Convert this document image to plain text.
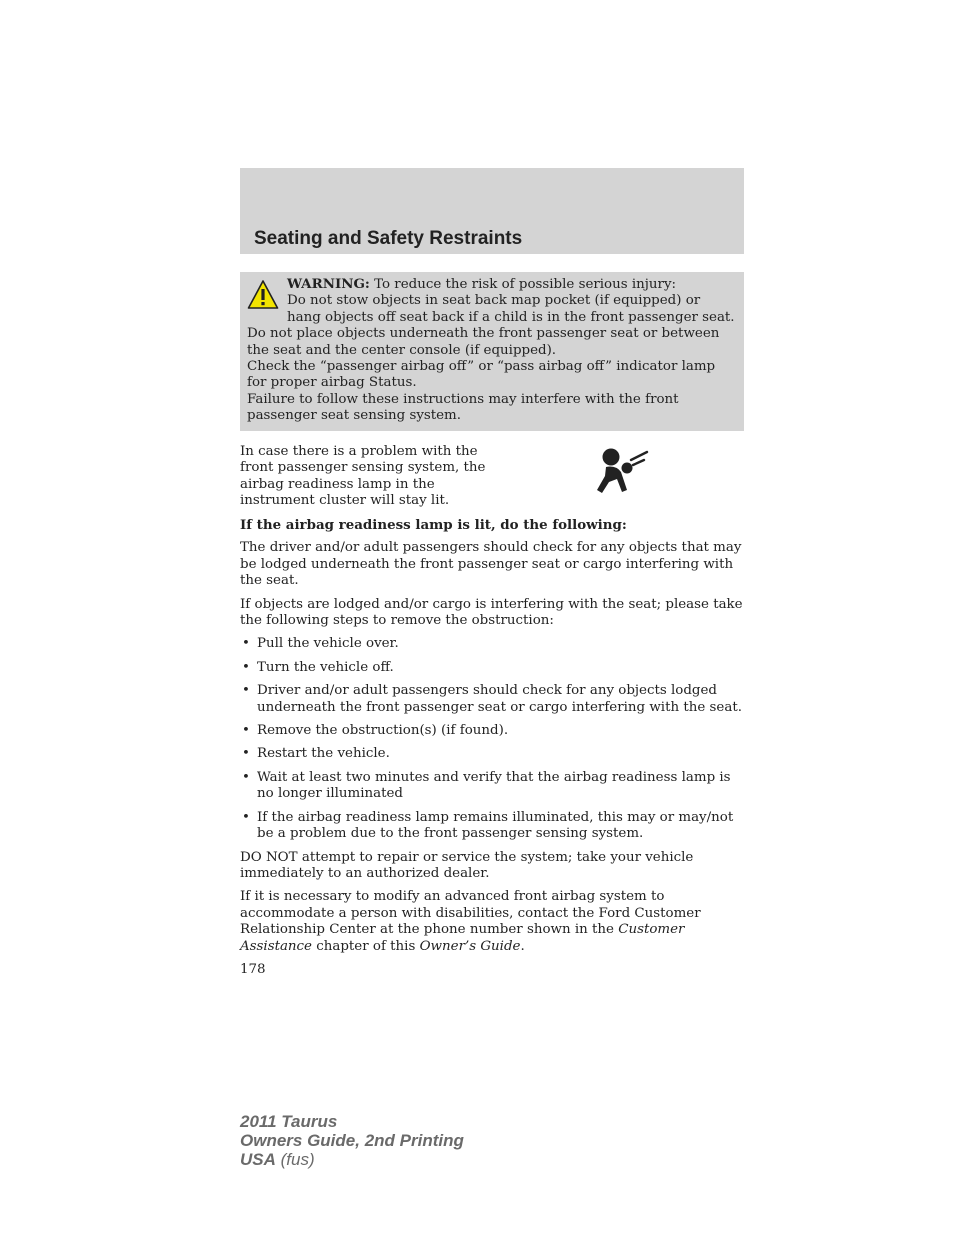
Seating and Safety Restraints

WARNING: To reduce the risk of possible serious injury:

Do not stow objects in seat back map pocket (if equipped) or hang objects off seat back if a child is in the front passenger seat.

Do not place objects underneath the front passenger seat or between the seat and the center console (if equipped).

Check the “passenger airbag off” or “pass airbag off” indicator lamp for proper airbag Status.

Failure to follow these instructions may interfere with the front passenger seat sensing system.

In case there is a problem with the front passenger sensing system, the airbag readiness lamp in the instrument cluster will stay lit.

If the airbag readiness lamp is lit, do the following:

The driver and/or adult passengers should check for any objects that may be lodged underneath the front passenger seat or cargo interfering with the seat.

If objects are lodged and/or cargo is interfering with the seat; please take the following steps to remove the obstruction:

• Pull the vehicle over.
• Turn the vehicle off.
• Driver and/or adult passengers should check for any objects lodged underneath the front passenger seat or cargo interfering with the seat.
• Remove the obstruction(s) (if found).
• Restart the vehicle.
• Wait at least two minutes and verify that the airbag readiness lamp is no longer illuminated
• If the airbag readiness lamp remains illuminated, this may or may/not be a problem due to the front passenger sensing system.

DO NOT attempt to repair or service the system; take your vehicle immediately to an authorized dealer.

If it is necessary to modify an advanced front airbag system to accommodate a person with disabilities, contact the Ford Customer Relationship Center at the phone number shown in the Customer Assistance chapter of this Owner’s Guide.

178

2011 Taurus
Owners Guide, 2nd Printing
USA (fus)
